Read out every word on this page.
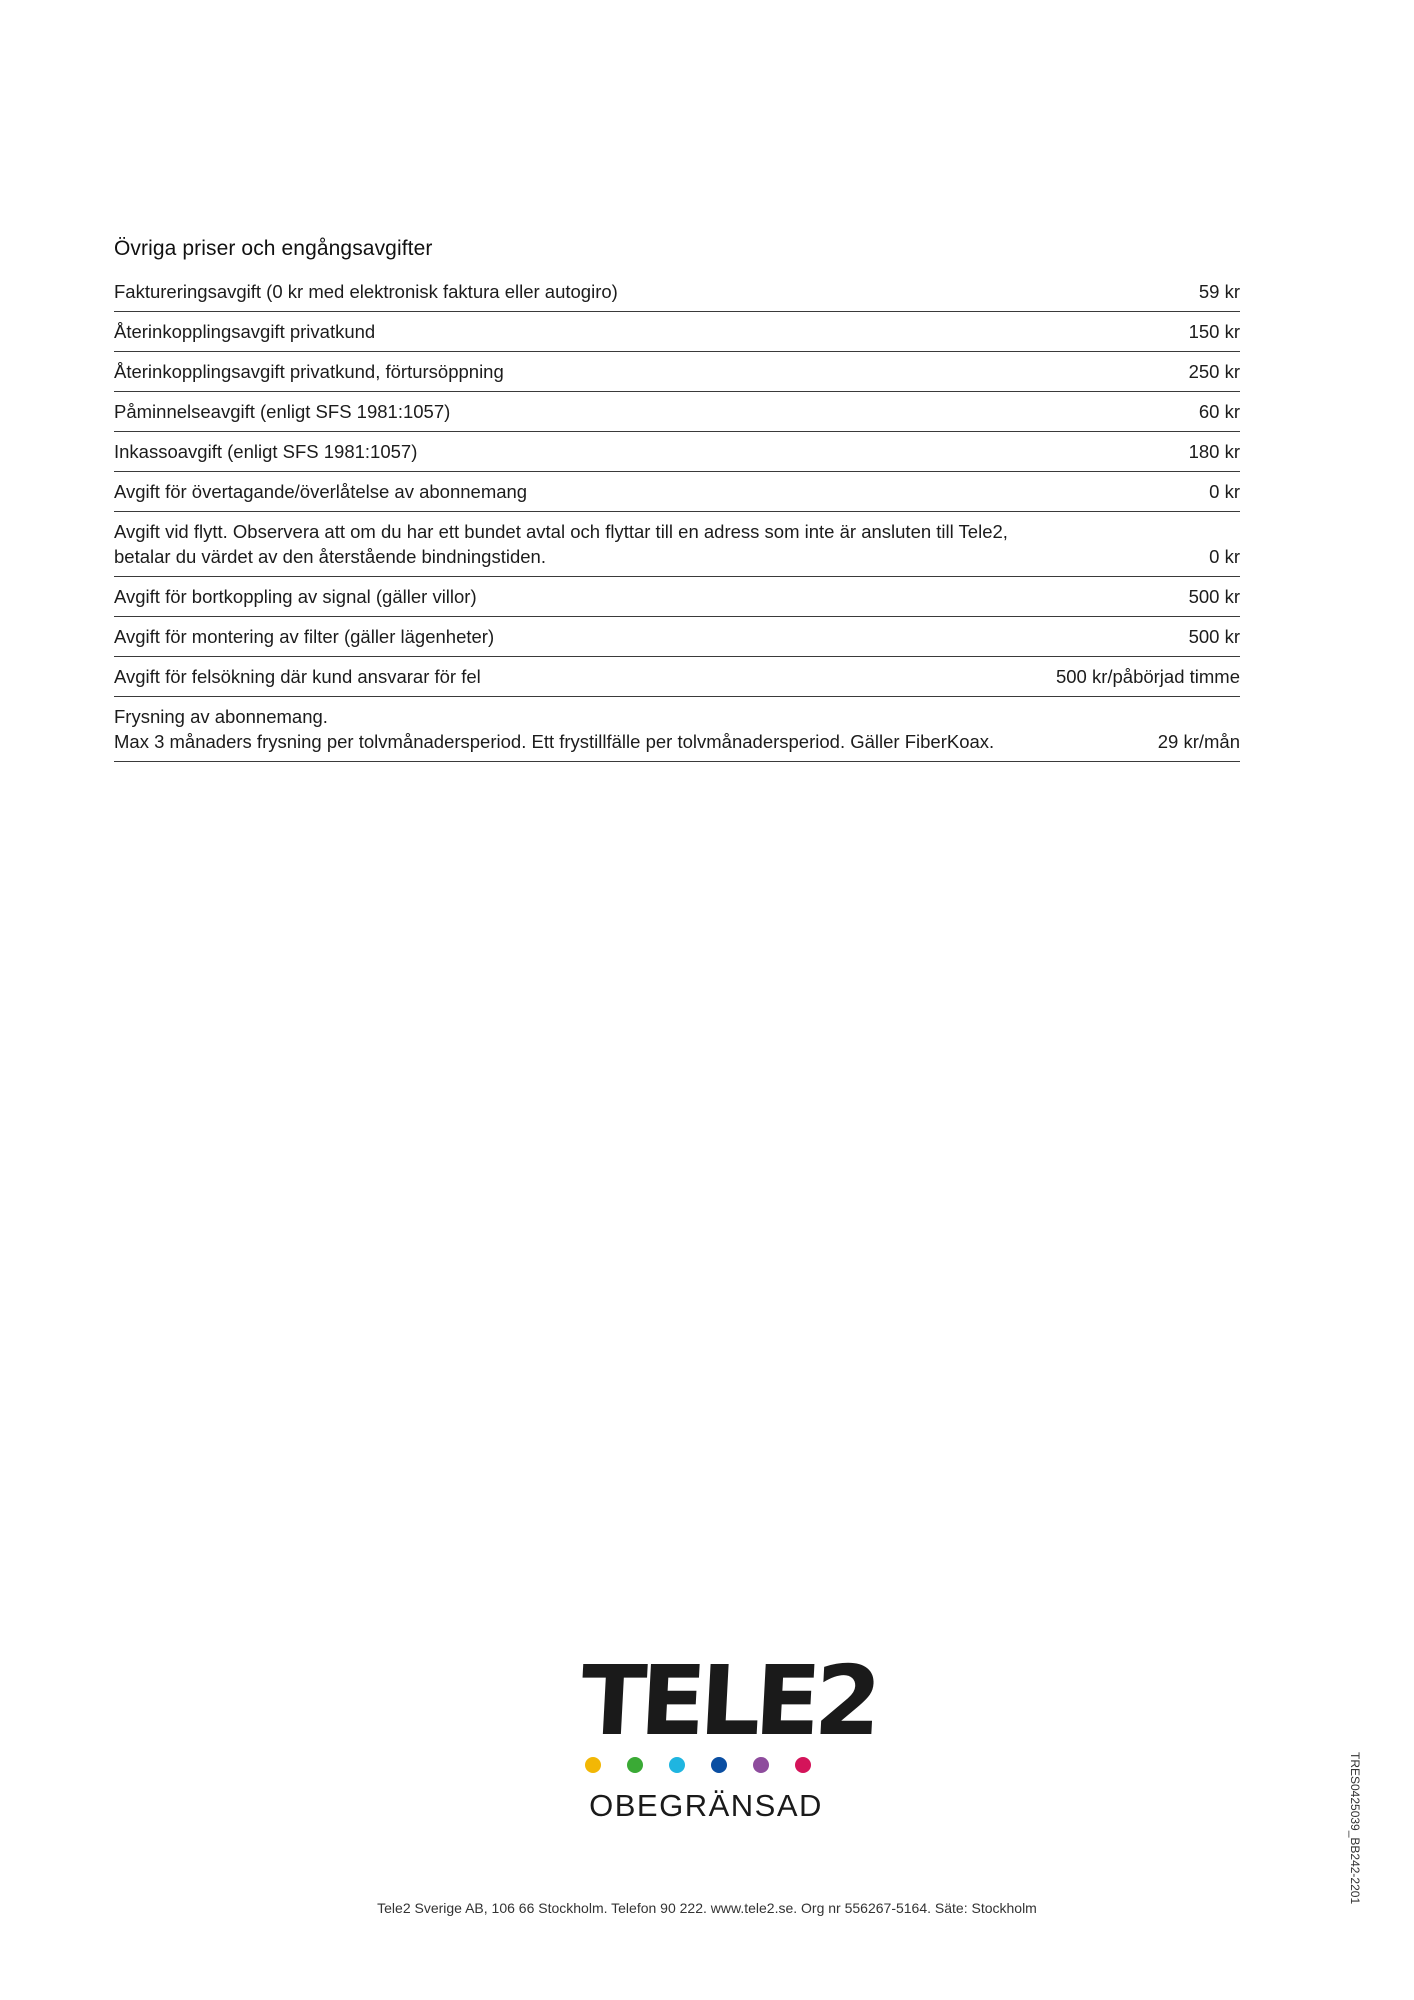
Övriga priser och engångsavgifter
Faktureringsavgift (0 kr med elektronisk faktura eller autogiro)	59 kr

Återinkopplingsavgift privatkund	150 kr

Återinkopplingsavgift privatkund, förtursöppning	250 kr

Påminnelseavgift (enligt SFS 1981:1057)	60 kr

Inkassoavgift (enligt SFS 1981:1057)	180 kr

Avgift för övertagande/överlåtelse av abonnemang	0 kr

Avgift vid flytt. Observera att om du har ett bundet avtal och flyttar till en adress som inte är ansluten till Tele2,
betalar du värdet av den återstående bindningstiden.	0 kr

Avgift för bortkoppling av signal (gäller villor)	500 kr

Avgift för montering av filter (gäller lägenheter)	500 kr

Avgift för felsökning där kund ansvarar för fel	500 kr/påbörjad timme

Frysning av abonnemang.
Max 3 månaders frysning per tolvmånadersperiod. Ett frystillfälle per tolvmånadersperiod. Gäller FiberKoax.	29 kr/mån
TELE2
OBEGRÄNSAD
Tele2 Sverige AB, 106 66 Stockholm. Telefon 90 222. www.tele2.se. Org nr 556267-5164. Säte: Stockholm
TRES0425039_BB242-2201
